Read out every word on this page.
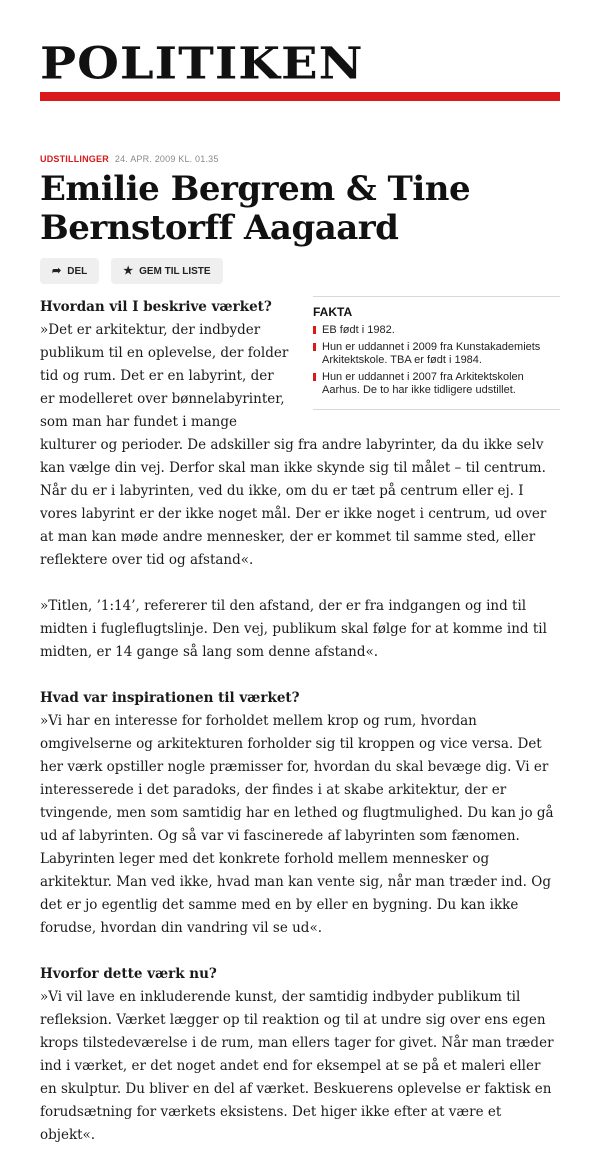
POLITIKEN
UDSTILLINGER 24. APR. 2009 KL. 01.35
Emilie Bergrem & Tine Bernstorff Aagaard
➦ DEL	★ GEM TIL LISTE
FAKTA
EB født i 1982.
Hun er uddannet i 2009 fra Kunstakademiets Arkitektskole. TBA er født i 1984.
Hun er uddannet i 2007 fra Arkitektskolen Aarhus. De to har ikke tidligere udstillet.

Hvordan vil I beskrive værket?
»Det er arkitektur, der indbyder publikum til en oplevelse, der folder tid og rum. Det er en labyrint, der er modelleret over bønnelabyrinter, som man har fundet i mange kulturer og perioder. De adskiller sig fra andre labyrinter, da du ikke selv kan vælge din vej. Derfor skal man ikke skynde sig til målet – til centrum. Når du er i labyrinten, ved du ikke, om du er tæt på centrum eller ej. I vores labyrint er der ikke noget mål. Der er ikke noget i centrum, ud over at man kan møde andre mennesker, der er kommet til samme sted, eller reflektere over tid og afstand«.

»Titlen, ’1:14’, refererer til den afstand, der er fra indgangen og ind til midten i fugleflugtslinje. Den vej, publikum skal følge for at komme ind til midten, er 14 gange så lang som denne afstand«.

Hvad var inspirationen til værket?
»Vi har en interesse for forholdet mellem krop og rum, hvordan omgivelserne og arkitekturen forholder sig til kroppen og vice versa. Det her værk opstiller nogle præmisser for, hvordan du skal bevæge dig. Vi er interesserede i det paradoks, der findes i at skabe arkitektur, der er tvingende, men som samtidig har en lethed og flugtmulighed. Du kan jo gå ud af labyrinten. Og så var vi fascinerede af labyrinten som fænomen. Labyrinten leger med det konkrete forhold mellem mennesker og arkitektur. Man ved ikke, hvad man kan vente sig, når man træder ind. Og det er jo egentlig det samme med en by eller en bygning. Du kan ikke forudse, hvordan din vandring vil se ud«.

Hvorfor dette værk nu?
»Vi vil lave en inkluderende kunst, der samtidig indbyder publikum til refleksion. Værket lægger op til reaktion og til at undre sig over ens egen krops tilstedeværelse i de rum, man ellers tager for givet. Når man træder ind i værket, er det noget andet end for eksempel at se på et maleri eller en skulptur. Du bliver en del af værket. Beskuerens oplevelse er faktisk en forudsætning for værkets eksistens. Det higer ikke efter at være et objekt«.
